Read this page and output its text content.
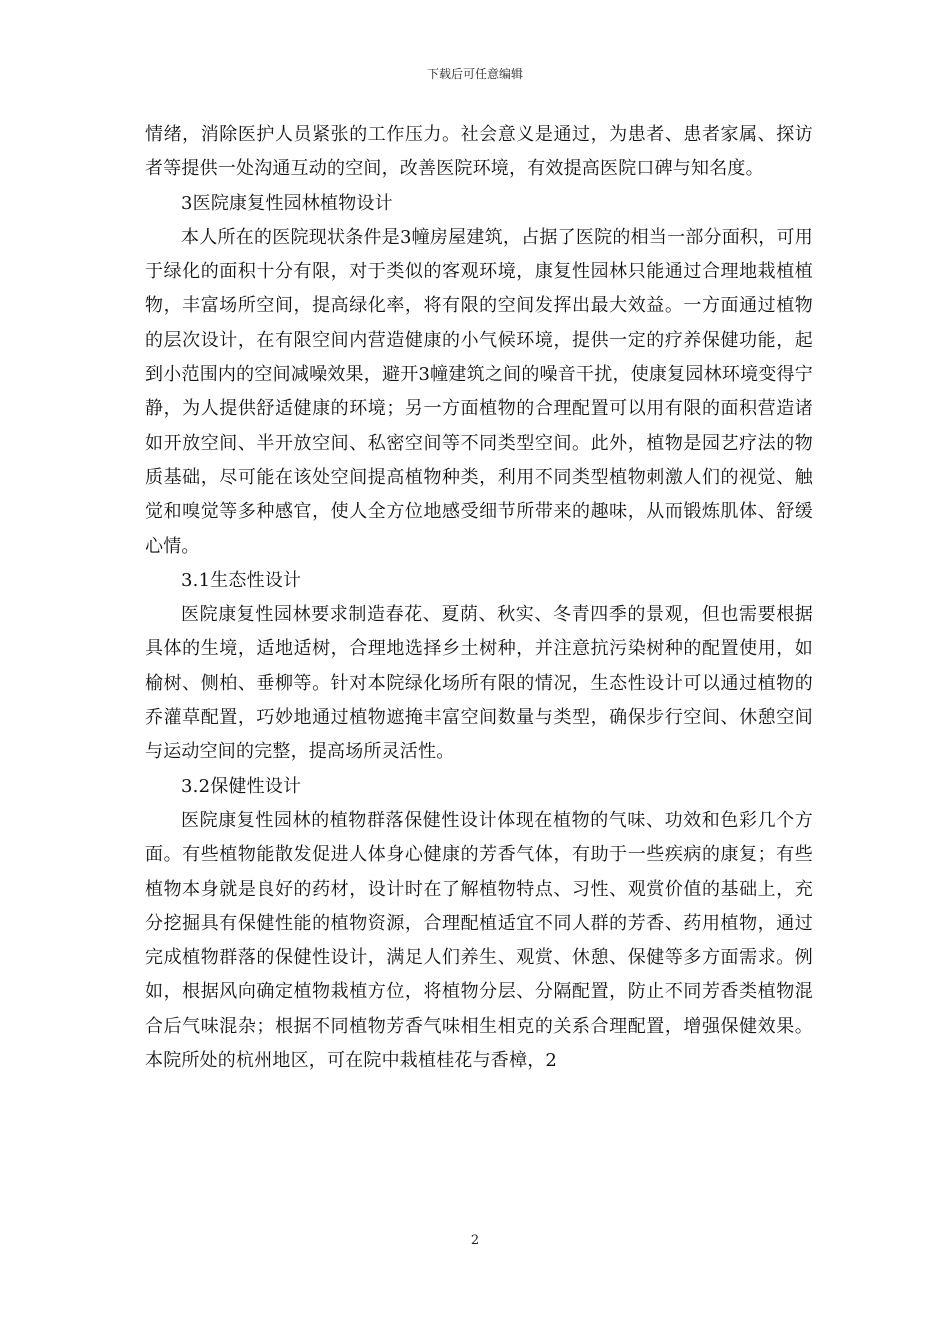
下载后可任意编辑

情绪，消除医护人员紧张的工作压力。社会意义是通过，为患者、患者家属、探访者等提供一处沟通互动的空间，改善医院环境，有效提高医院口碑与知名度。

3医院康复性园林植物设计

本人所在的医院现状条件是3幢房屋建筑，占据了医院的相当一部分面积，可用于绿化的面积十分有限，对于类似的客观环境，康复性园林只能通过合理地栽植植物，丰富场所空间，提高绿化率，将有限的空间发挥出最大效益。一方面通过植物的层次设计，在有限空间内营造健康的小气候环境，提供一定的疗养保健功能，起到小范围内的空间减噪效果，避开3幢建筑之间的噪音干扰，使康复园林环境变得宁静，为人提供舒适健康的环境；另一方面植物的合理配置可以用有限的面积营造诸如开放空间、半开放空间、私密空间等不同类型空间。此外，植物是园艺疗法的物质基础，尽可能在该处空间提高植物种类，利用不同类型植物刺激人们的视觉、触觉和嗅觉等多种感官，使人全方位地感受细节所带来的趣味，从而锻炼肌体、舒缓心情。

3.1生态性设计

医院康复性园林要求制造春花、夏荫、秋实、冬青四季的景观，但也需要根据具体的生境，适地适树，合理地选择乡土树种，并注意抗污染树种的配置使用，如榆树、侧柏、垂柳等。针对本院绿化场所有限的情况，生态性设计可以通过植物的乔灌草配置，巧妙地通过植物遮掩丰富空间数量与类型，确保步行空间、休憩空间与运动空间的完整，提高场所灵活性。

3.2保健性设计

医院康复性园林的植物群落保健性设计体现在植物的气味、功效和色彩几个方面。有些植物能散发促进人体身心健康的芳香气体，有助于一些疾病的康复；有些植物本身就是良好的药材，设计时在了解植物特点、习性、观赏价值的基础上，充分挖掘具有保健性能的植物资源，合理配植适宜不同人群的芳香、药用植物，通过完成植物群落的保健性设计，满足人们养生、观赏、休憩、保健等多方面需求。例如，根据风向确定植物栽植方位，将植物分层、分隔配置，防止不同芳香类植物混合后气味混杂；根据不同植物芳香气味相生相克的关系合理配置，增强保健效果。本院所处的杭州地区，可在院中栽植桂花与香樟，2

2
